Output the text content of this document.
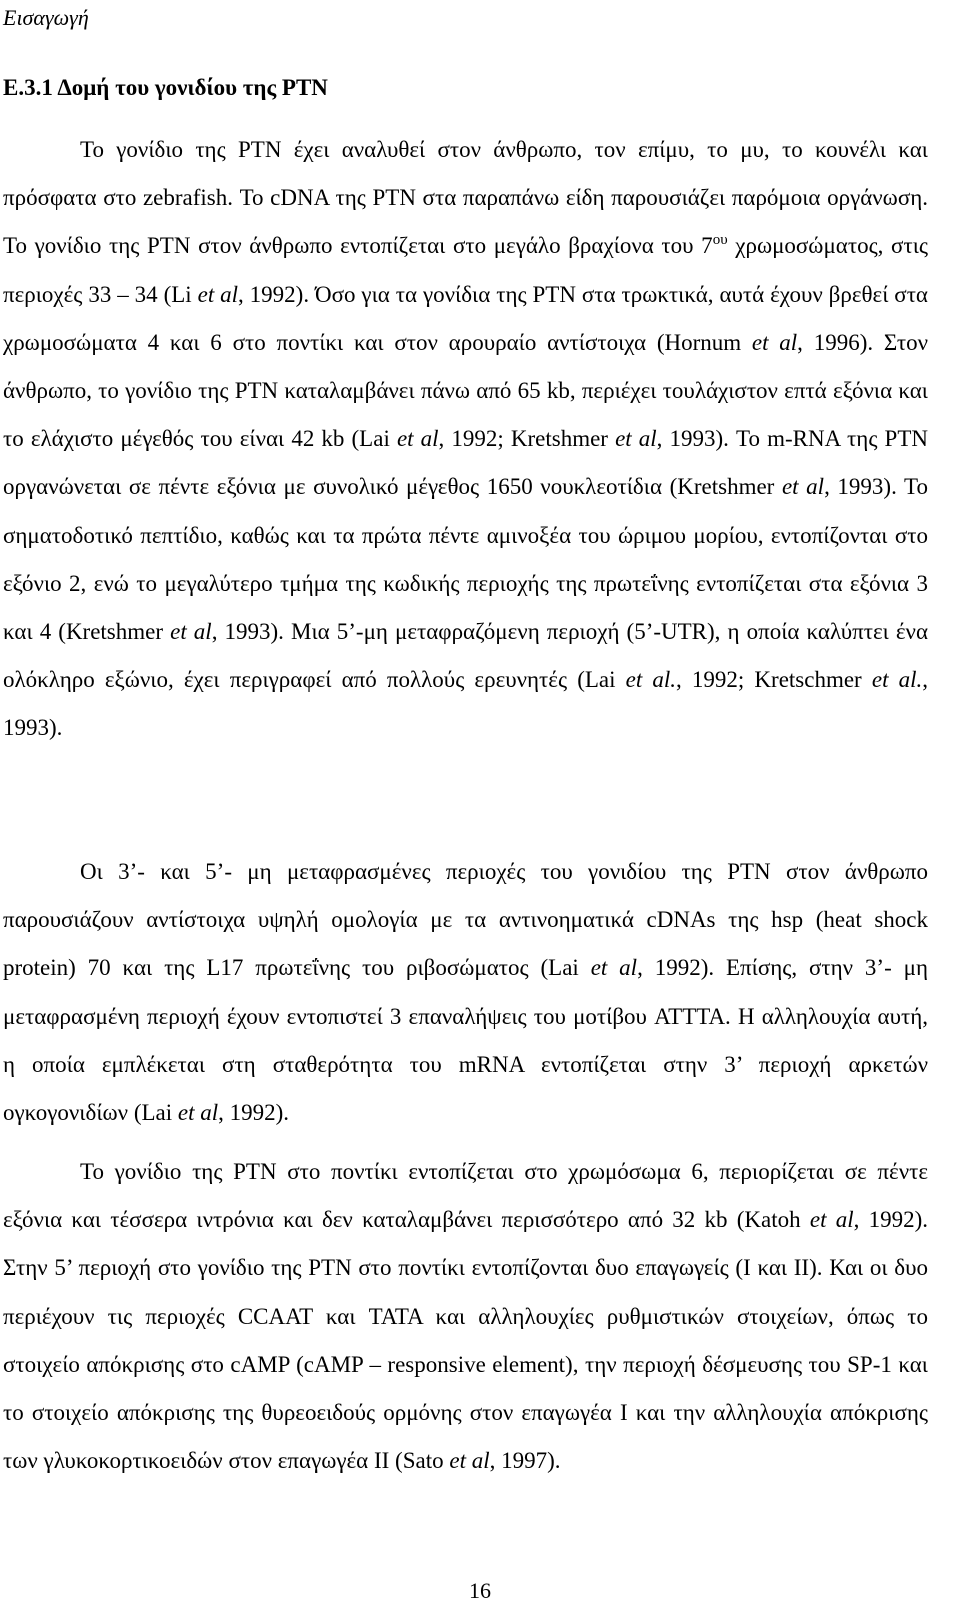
Εισαγωγή

Ε.3.1 Δομή του γονιδίου της PTN

Το γονίδιο της PTN έχει αναλυθεί στον άνθρωπο, τον επίμυ, το μυ, το κουνέλι και πρόσφατα στο zebrafish. Το cDNA της PTN στα παραπάνω είδη παρουσιάζει παρόμοια οργάνωση. Το γονίδιο της PTN στον άνθρωπο εντοπίζεται στο μεγάλο βραχίονα του $7^{o\upsilon}$ χρωμοσώματος, στις περιοχές 33 – 34 (Li et al, 1992). Όσο για τα γονίδια της PTN στα τρωκτικά, αυτά έχουν βρεθεί στα χρωμοσώματα 4 και 6 στο ποντίκι και στον αρουραίο αντίστοιχα (Hornum et al, 1996). Στον άνθρωπο, το γονίδιο της PTN καταλαμβάνει πάνω από 65 kb, περιέχει τουλάχιστον επτά εξόνια και το ελάχιστο μέγεθός του είναι 42 kb (Lai et al, 1992; Kretshmer et al, 1993). Το m-RNA της PTN οργανώνεται σε πέντε εξόνια με συνολικό μέγεθος 1650 νουκλεοτίδια (Kretshmer et al, 1993). Το σηματοδοτικό πεπτίδιο, καθώς και τα πρώτα πέντε αμινοξέα του ώριμου μορίου, εντοπίζονται στο εξόνιο 2, ενώ το μεγαλύτερο τμήμα της κωδικής περιοχής της πρωτεΐνης εντοπίζεται στα εξόνια 3 και 4 (Kretshmer et al, 1993). Μια 5’-μη μεταφραζόμενη περιοχή (5’-UTR), η οποία καλύπτει ένα ολόκληρο εξώνιο, έχει περιγραφεί από πολλούς ερευνητές (Lai et al., 1992; Kretschmer et al., 1993).

Οι 3’- και 5’- μη μεταφρασμένες περιοχές του γονιδίου της PTN στον άνθρωπο παρουσιάζουν αντίστοιχα υψηλή ομολογία με τα αντινοηματικά cDNAs της hsp (heat shock protein) 70 και της L17 πρωτεΐνης του ριβοσώματος (Lai et al, 1992). Επίσης, στην 3’- μη μεταφρασμένη περιοχή έχουν εντοπιστεί 3 επαναλήψεις του μοτίβου ATTTA. Η αλληλουχία αυτή, η οποία εμπλέκεται στη σταθερότητα του mRNA εντοπίζεται στην 3’ περιοχή αρκετών ογκογονιδίων (Lai et al, 1992).

Το γονίδιο της PTN στο ποντίκι εντοπίζεται στο χρωμόσωμα 6, περιορίζεται σε πέντε εξόνια και τέσσερα ιντρόνια και δεν καταλαμβάνει περισσότερο από 32 kb (Katoh et al, 1992). Στην 5’ περιοχή στο γονίδιο της PTN στο ποντίκι εντοπίζονται δυο επαγωγείς (I και II). Και οι δυο περιέχουν τις περιοχές CCAAT και TATA και αλληλουχίες ρυθμιστικών στοιχείων, όπως το στοιχείο απόκρισης στο cAMP (cAMP – responsive element), την περιοχή δέσμευσης του SP-1 και το στοιχείο απόκρισης της θυρεοειδούς ορμόνης στον επαγωγέα I και την αλληλουχία απόκρισης των γλυκοκορτικοειδών στον επαγωγέα II (Sato et al, 1997).

16
